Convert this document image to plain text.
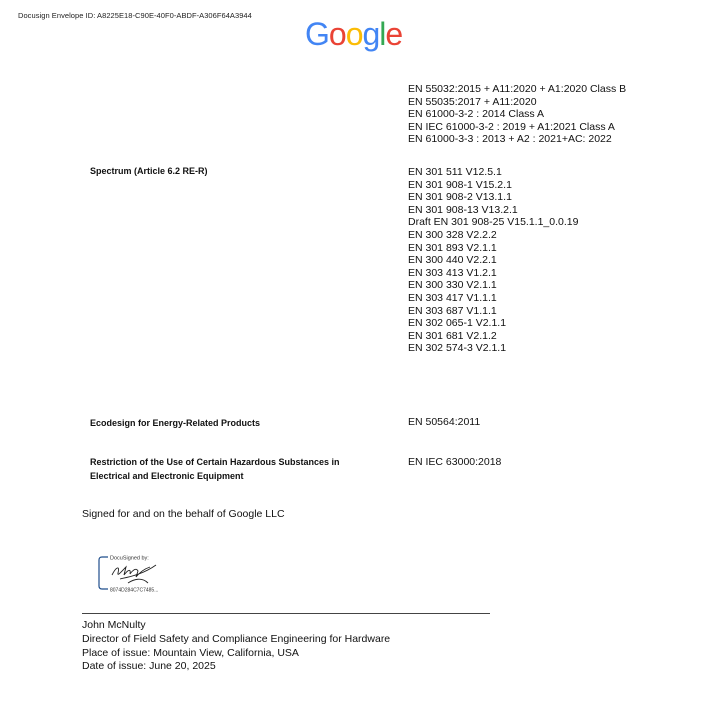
Docusign Envelope ID: A8225E18-C90E-40F0-ABDF-A306F64A3944
Google
EN 55032:2015 + A11:2020 + A1:2020 Class B
EN 55035:2017 + A11:2020
EN 61000-3-2 : 2014 Class A
EN IEC 61000-3-2 : 2019 + A1:2021 Class A
EN 61000-3-3 : 2013 + A2 : 2021+AC: 2022
Spectrum (Article 6.2 RE-R)	EN 301 511 V12.5.1
EN 301 908-1 V15.2.1
EN 301 908-2 V13.1.1
EN 301 908-13 V13.2.1
Draft EN 301 908-25 V15.1.1_0.0.19
EN 300 328 V2.2.2
EN 301 893 V2.1.1
EN 300 440 V2.2.1
EN 303 413 V1.2.1
EN 300 330 V2.1.1
EN 303 417 V1.1.1
EN 303 687 V1.1.1
EN 302 065-1 V2.1.1
EN 301 681 V2.1.2
EN 302 574-3 V2.1.1
Ecodesign for Energy-Related Products	EN 50564:2011
Restriction of the Use of Certain Hazardous Substances in
Electrical and Electronic Equipment
EN IEC 63000:2018
Signed for and on the behalf of Google LLC
DocuSigned by:
8074D284C7C7485...
John McNulty
Director of Field Safety and Compliance Engineering for Hardware
Place of issue: Mountain View, California, USA
Date of issue: June 20, 2025
